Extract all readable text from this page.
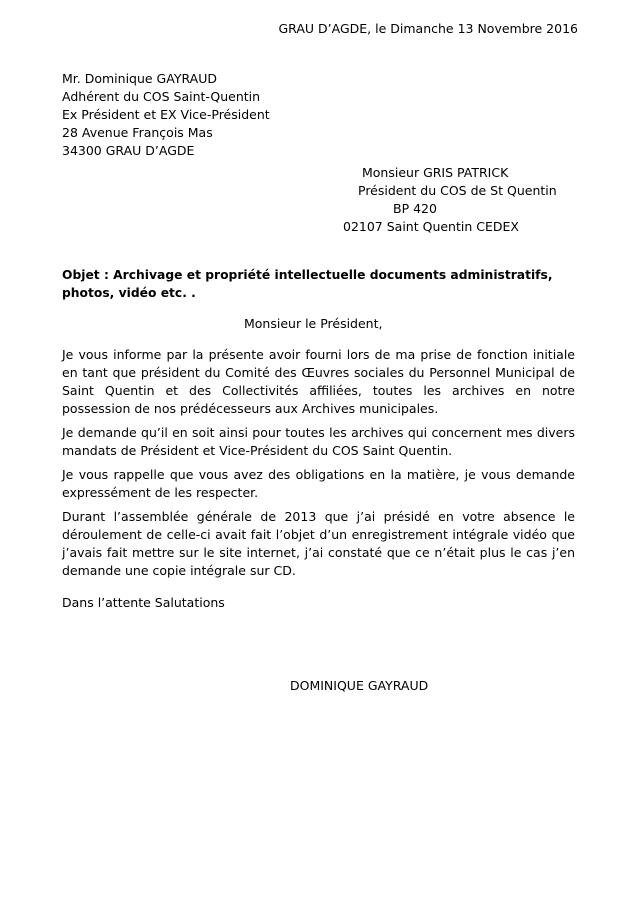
GRAU D’AGDE, le Dimanche 13 Novembre 2016
Mr. Dominique GAYRAUD
Adhérent du COS Saint-Quentin
Ex Président et EX Vice-Président
28 Avenue François Mas
34300 GRAU D’AGDE
Monsieur GRIS PATRICK
Président du COS de St Quentin
BP 420
02107 Saint Quentin CEDEX
Objet : Archivage et propriété intellectuelle documents administratifs, photos, vidéo etc. .
Monsieur le Président,

Je vous informe par la présente avoir fourni lors de ma prise de fonction initiale en tant que président du Comité des Œuvres sociales du Personnel Municipal de Saint Quentin et des Collectivités affiliées, toutes les archives en notre possession de nos prédécesseurs aux Archives municipales.

Je demande qu’il en soit ainsi pour toutes les archives qui concernent mes divers mandats de Président et Vice-Président du COS Saint Quentin.

Je vous rappelle que vous avez des obligations en la matière, je vous demande expressément de les respecter.

Durant l’assemblée générale de 2013 que j’ai présidé en votre absence le déroulement de celle-ci avait fait l’objet d’un enregistrement intégrale vidéo que j’avais fait mettre sur le site internet, j’ai constaté que ce n’était plus le cas j’en demande une copie intégrale sur CD.

Dans l’attente Salutations
DOMINIQUE GAYRAUD
